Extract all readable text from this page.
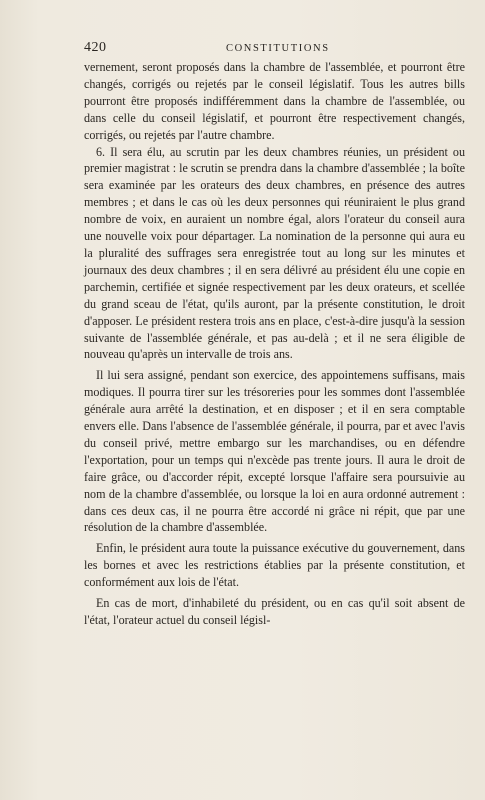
420	CONSTITUTIONS

vernement, seront proposés dans la chambre de l'assemblée, et pourront être changés, corrigés ou rejetés par le conseil législatif. Tous les autres bills pourront être proposés indifféremment dans la chambre de l'assemblée, ou dans celle du conseil législatif, et pourront être respectivement changés, corrigés, ou rejetés par l'autre chambre.

6. Il sera élu, au scrutin par les deux chambres réunies, un président ou premier magistrat : le scrutin se prendra dans la chambre d'assemblée ; la boîte sera examinée par les orateurs des deux chambres, en présence des autres membres ; et dans le cas où les deux personnes qui réuniraient le plus grand nombre de voix, en auraient un nombre égal, alors l'orateur du conseil aura une nouvelle voix pour départager. La nomination de la personne qui aura eu la pluralité des suffrages sera enregistrée tout au long sur les minutes et journaux des deux chambres ; il en sera délivré au président élu une copie en parchemin, certifiée et signée respectivement par les deux orateurs, et scellée du grand sceau de l'état, qu'ils auront, par la présente constitution, le droit d'apposer. Le président restera trois ans en place, c'est-à-dire jusqu'à la session suivante de l'assemblée générale, et pas au-delà ; et il ne sera éligible de nouveau qu'après un intervalle de trois ans.

Il lui sera assigné, pendant son exercice, des appointemens suffisans, mais modiques. Il pourra tirer sur les trésoreries pour les sommes dont l'assemblée générale aura arrêté la destination, et en disposer ; et il en sera comptable envers elle. Dans l'absence de l'assemblée générale, il pourra, par et avec l'avis du conseil privé, mettre embargo sur les marchandises, ou en défendre l'exportation, pour un temps qui n'excède pas trente jours. Il aura le droit de faire grâce, ou d'accorder répit, excepté lorsque l'affaire sera poursuivie au nom de la chambre d'assemblée, ou lorsque la loi en aura ordonné autrement : dans ces deux cas, il ne pourra être accordé ni grâce ni répit, que par une résolution de la chambre d'assemblée.

Enfin, le président aura toute la puissance exécutive du gouvernement, dans les bornes et avec les restrictions établies par la présente constitution, et conformément aux lois de l'état.

En cas de mort, d'inhabileté du président, ou en cas qu'il soit absent de l'état, l'orateur actuel du conseil législ-
